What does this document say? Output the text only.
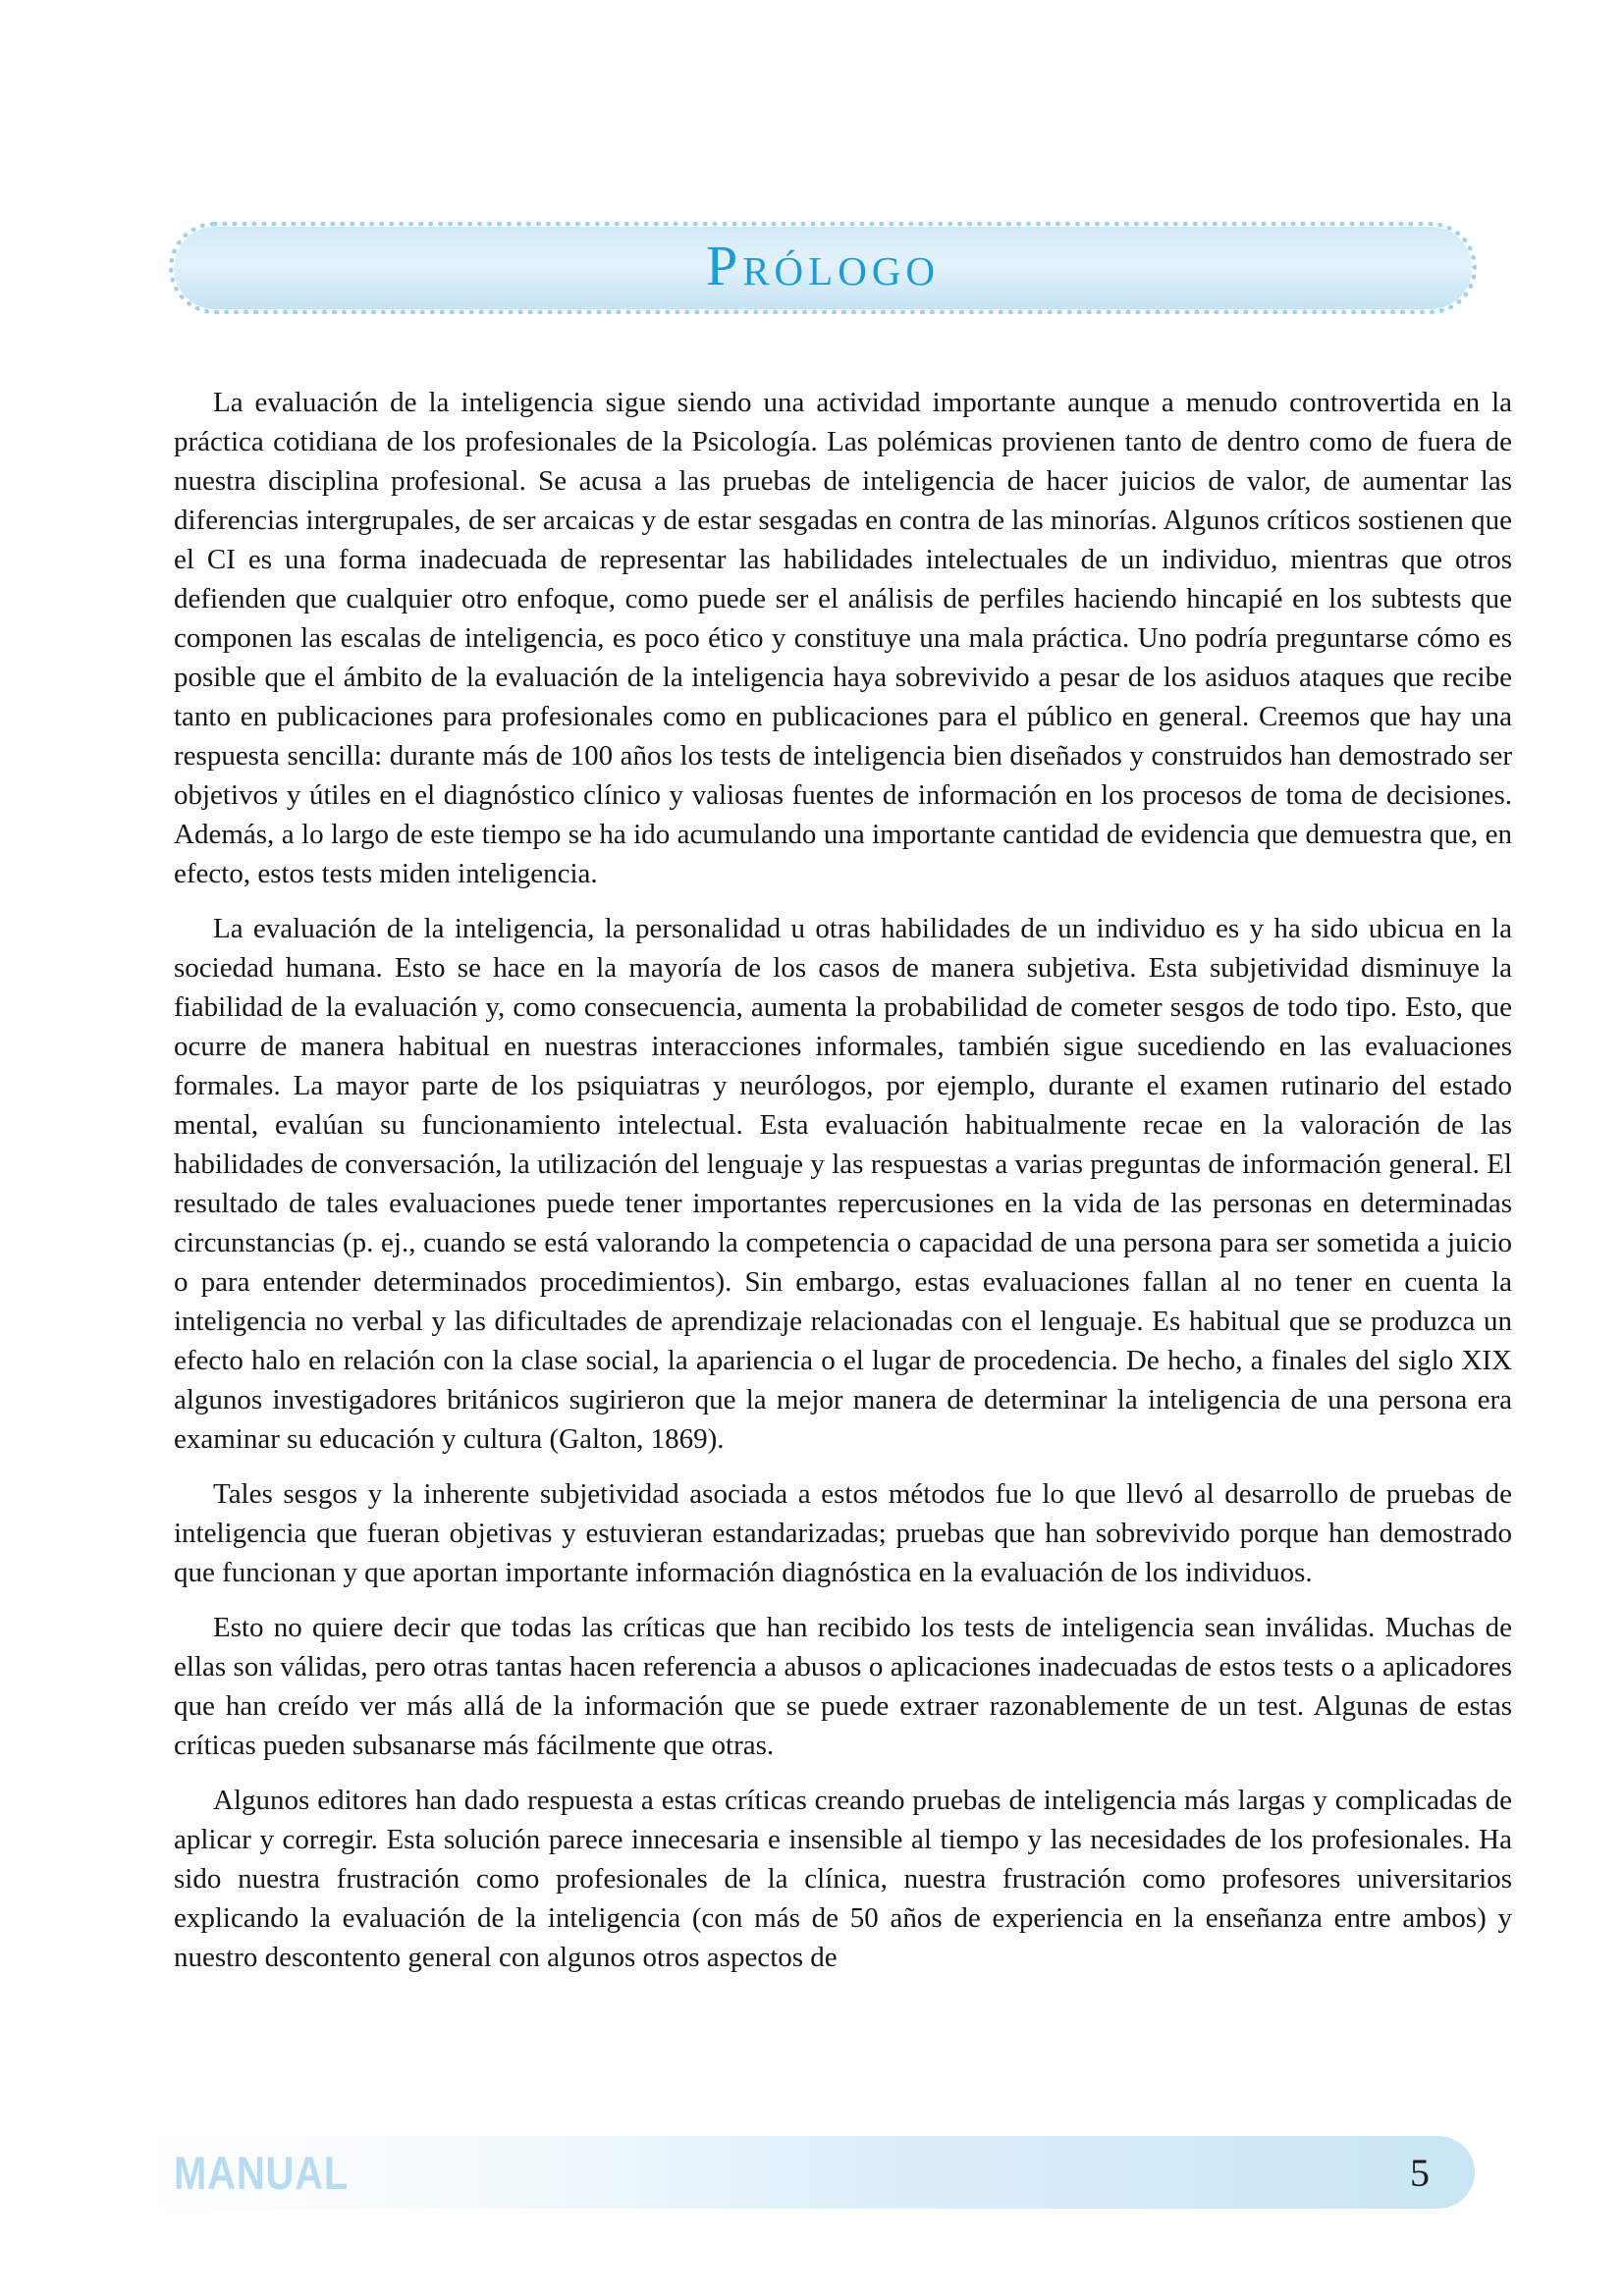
Prólogo

La evaluación de la inteligencia sigue siendo una actividad importante aunque a menudo controvertida en la práctica cotidiana de los profesionales de la Psicología. Las polémicas provienen tanto de dentro como de fuera de nuestra disciplina profesional. Se acusa a las pruebas de inteligencia de hacer juicios de valor, de aumentar las diferencias intergrupales, de ser arcaicas y de estar sesgadas en contra de las minorías. Algunos críticos sostienen que el CI es una forma inadecuada de representar las habilidades intelectuales de un individuo, mientras que otros defienden que cualquier otro enfoque, como puede ser el análisis de perfiles haciendo hincapié en los subtests que componen las escalas de inteligencia, es poco ético y constituye una mala práctica. Uno podría preguntarse cómo es posible que el ámbito de la evaluación de la inteligencia haya sobrevivido a pesar de los asiduos ataques que recibe tanto en publicaciones para profesionales como en publicaciones para el público en general. Creemos que hay una respuesta sencilla: durante más de 100 años los tests de inteligencia bien diseñados y construidos han demostrado ser objetivos y útiles en el diagnóstico clínico y valiosas fuentes de información en los procesos de toma de decisiones. Además, a lo largo de este tiempo se ha ido acumulando una importante cantidad de evidencia que demuestra que, en efecto, estos tests miden inteligencia.

La evaluación de la inteligencia, la personalidad u otras habilidades de un individuo es y ha sido ubicua en la sociedad humana. Esto se hace en la mayoría de los casos de manera subjetiva. Esta subjetividad disminuye la fiabilidad de la evaluación y, como consecuencia, aumenta la probabilidad de cometer sesgos de todo tipo. Esto, que ocurre de manera habitual en nuestras interacciones informales, también sigue sucediendo en las evaluaciones formales. La mayor parte de los psiquiatras y neurólogos, por ejemplo, durante el examen rutinario del estado mental, evalúan su funcionamiento intelectual. Esta evaluación habitualmente recae en la valoración de las habilidades de conversación, la utilización del lenguaje y las respuestas a varias preguntas de información general. El resultado de tales evaluaciones puede tener importantes repercusiones en la vida de las personas en determinadas circunstancias (p. ej., cuando se está valorando la competencia o capacidad de una persona para ser sometida a juicio o para entender determinados procedimientos). Sin embargo, estas evaluaciones fallan al no tener en cuenta la inteligencia no verbal y las dificultades de aprendizaje relacionadas con el lenguaje. Es habitual que se produzca un efecto halo en relación con la clase social, la apariencia o el lugar de procedencia. De hecho, a finales del siglo XIX algunos investigadores británicos sugirieron que la mejor manera de determinar la inteligencia de una persona era examinar su educación y cultura (Galton, 1869).

Tales sesgos y la inherente subjetividad asociada a estos métodos fue lo que llevó al desarrollo de pruebas de inteligencia que fueran objetivas y estuvieran estandarizadas; pruebas que han sobrevivido porque han demostrado que funcionan y que aportan importante información diagnóstica en la evaluación de los individuos.

Esto no quiere decir que todas las críticas que han recibido los tests de inteligencia sean inválidas. Muchas de ellas son válidas, pero otras tantas hacen referencia a abusos o aplicaciones inadecuadas de estos tests o a aplicadores que han creído ver más allá de la información que se puede extraer razonablemente de un test. Algunas de estas críticas pueden subsanarse más fácilmente que otras.

Algunos editores han dado respuesta a estas críticas creando pruebas de inteligencia más largas y complicadas de aplicar y corregir. Esta solución parece innecesaria e insensible al tiempo y las necesidades de los profesionales. Ha sido nuestra frustración como profesionales de la clínica, nuestra frustración como profesores universitarios explicando la evaluación de la inteligencia (con más de 50 años de experiencia en la enseñanza entre ambos) y nuestro descontento general con algunos otros aspectos de

MANUAL	5
